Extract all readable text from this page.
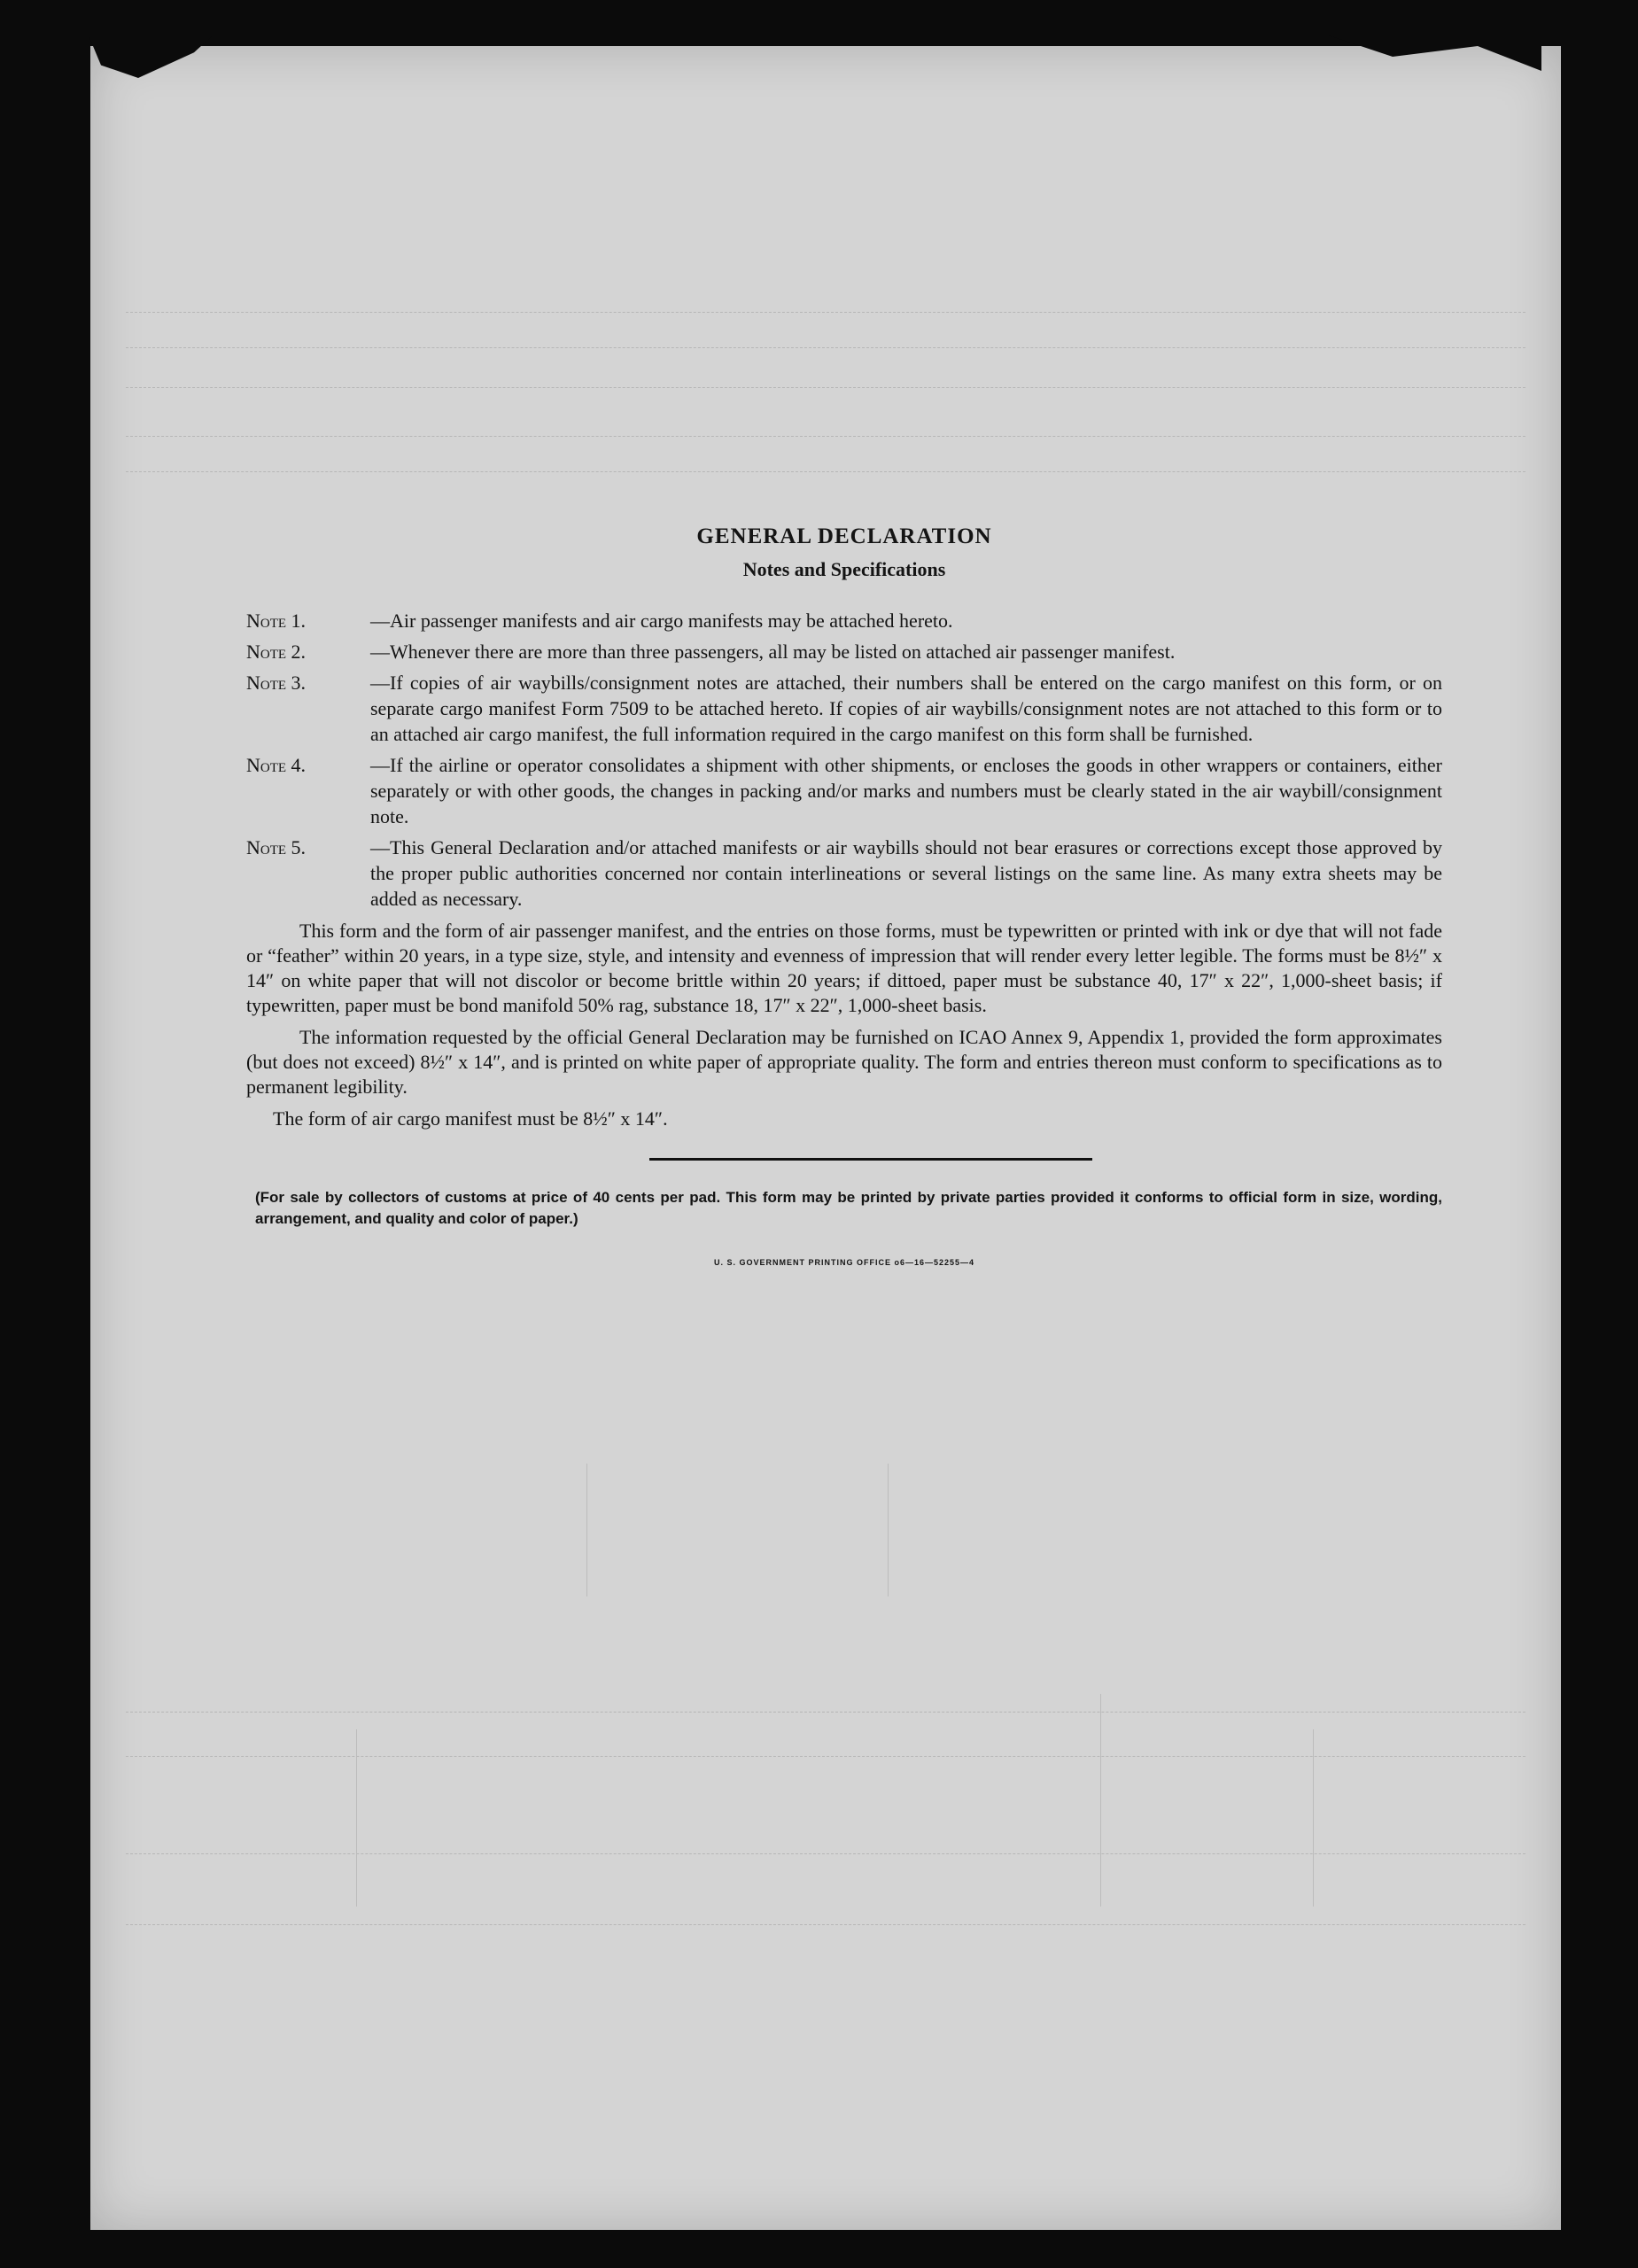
GENERAL DECLARATION
Notes and Specifications
Note 1.	—Air passenger manifests and air cargo manifests may be attached hereto.
Note 2.	—Whenever there are more than three passengers, all may be listed on attached air passenger manifest.
Note 3.	—If copies of air waybills/consignment notes are attached, their numbers shall be entered on the cargo manifest on this form, or on separate cargo manifest Form 7509 to be attached hereto. If copies of air waybills/consignment notes are not attached to this form or to an attached air cargo manifest, the full information required in the cargo manifest on this form shall be furnished.
Note 4.	—If the airline or operator consolidates a shipment with other shipments, or encloses the goods in other wrappers or containers, either separately or with other goods, the changes in packing and/or marks and numbers must be clearly stated in the air waybill/consignment note.
Note 5.	—This General Declaration and/or attached manifests or air waybills should not bear erasures or corrections except those approved by the proper public authorities concerned nor contain interlineations or several listings on the same line. As many extra sheets may be added as necessary.

This form and the form of air passenger manifest, and the entries on those forms, must be typewritten or printed with ink or dye that will not fade or “feather” within 20 years, in a type size, style, and intensity and evenness of impression that will render every letter legible. The forms must be 8½″ x 14″ on white paper that will not discolor or become brittle within 20 years; if dittoed, paper must be substance 40, 17″ x 22″, 1,000-sheet basis; if typewritten, paper must be bond manifold 50% rag, substance 18, 17″ x 22″, 1,000-sheet basis.

The information requested by the official General Declaration may be furnished on ICAO Annex 9, Appendix 1, provided the form approximates (but does not exceed) 8½″ x 14″, and is printed on white paper of appropriate quality. The form and entries thereon must conform to specifications as to permanent legibility.

The form of air cargo manifest must be 8½″ x 14″.

(For sale by collectors of customs at price of 40 cents per pad. This form may be printed by private parties provided it conforms to official form in size, wording, arrangement, and quality and color of paper.)
U. S. GOVERNMENT PRINTING OFFICE o6—16—52255—4
